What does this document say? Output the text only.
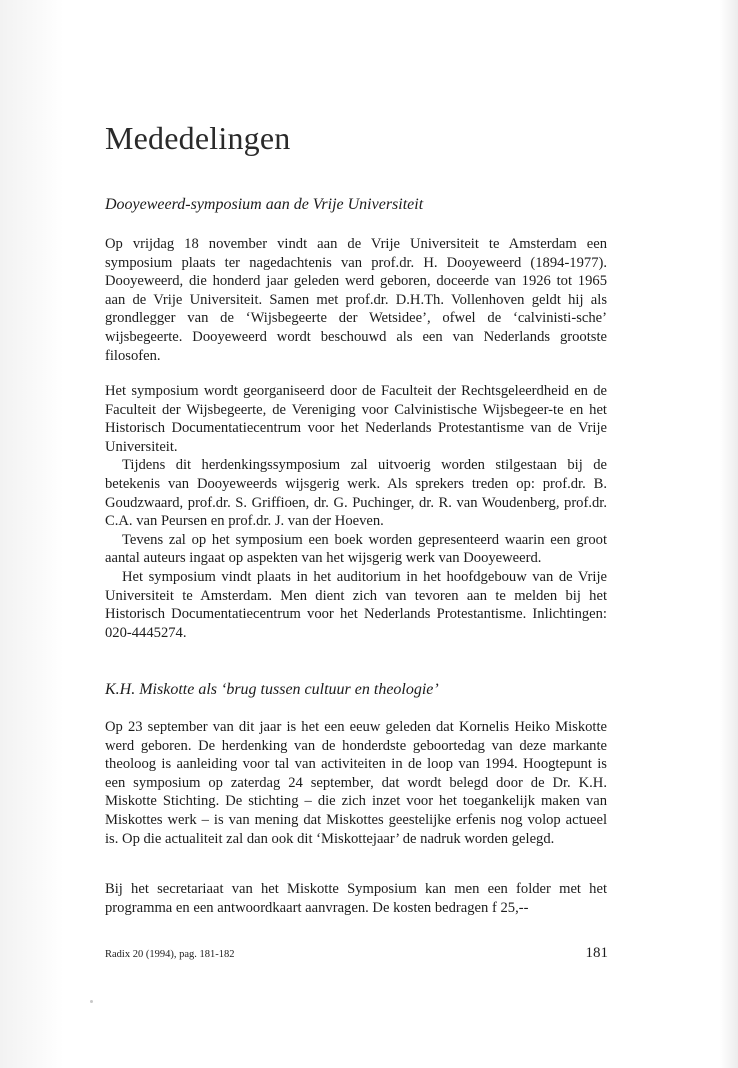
Mededelingen
Dooyeweerd-symposium aan de Vrije Universiteit

Op vrijdag 18 november vindt aan de Vrije Universiteit te Amsterdam een symposium plaats ter nagedachtenis van prof.dr. H. Dooyeweerd (1894-1977). Dooyeweerd, die honderd jaar geleden werd geboren, doceerde van 1926 tot 1965 aan de Vrije Universiteit. Samen met prof.dr. D.H.Th. Vollenhoven geldt hij als grondlegger van de ‘Wijsbegeerte der Wetsidee’, ofwel de ‘calvinisti-sche’ wijsbegeerte. Dooyeweerd wordt beschouwd als een van Nederlands grootste filosofen.

Het symposium wordt georganiseerd door de Faculteit der Rechtsgeleerdheid en de Faculteit der Wijsbegeerte, de Vereniging voor Calvinistische Wijsbegeer-te en het Historisch Documentatiecentrum voor het Nederlands Protestantisme van de Vrije Universiteit.

Tijdens dit herdenkingssymposium zal uitvoerig worden stilgestaan bij de betekenis van Dooyeweerds wijsgerig werk. Als sprekers treden op: prof.dr. B. Goudzwaard, prof.dr. S. Griffioen, dr. G. Puchinger, dr. R. van Woudenberg, prof.dr. C.A. van Peursen en prof.dr. J. van der Hoeven.

Tevens zal op het symposium een boek worden gepresenteerd waarin een groot aantal auteurs ingaat op aspekten van het wijsgerig werk van Dooyeweerd.

Het symposium vindt plaats in het auditorium in het hoofdgebouw van de Vrije Universiteit te Amsterdam. Men dient zich van tevoren aan te melden bij het Historisch Documentatiecentrum voor het Nederlands Protestantisme. Inlichtingen: 020-4445274.

K.H. Miskotte als ‘brug tussen cultuur en theologie’

Op 23 september van dit jaar is het een eeuw geleden dat Kornelis Heiko Miskotte werd geboren. De herdenking van de honderdste geboortedag van deze markante theoloog is aanleiding voor tal van activiteiten in de loop van 1994. Hoogtepunt is een symposium op zaterdag 24 september, dat wordt belegd door de Dr. K.H. Miskotte Stichting. De stichting – die zich inzet voor het toegankelijk maken van Miskottes werk – is van mening dat Miskottes geestelijke erfenis nog volop actueel is. Op die actualiteit zal dan ook dit ‘Miskottejaar’ de nadruk worden gelegd.

Bij het secretariaat van het Miskotte Symposium kan men een folder met het programma en een antwoordkaart aanvragen. De kosten bedragen f 25,--

Radix 20 (1994), pag. 181-182	181
